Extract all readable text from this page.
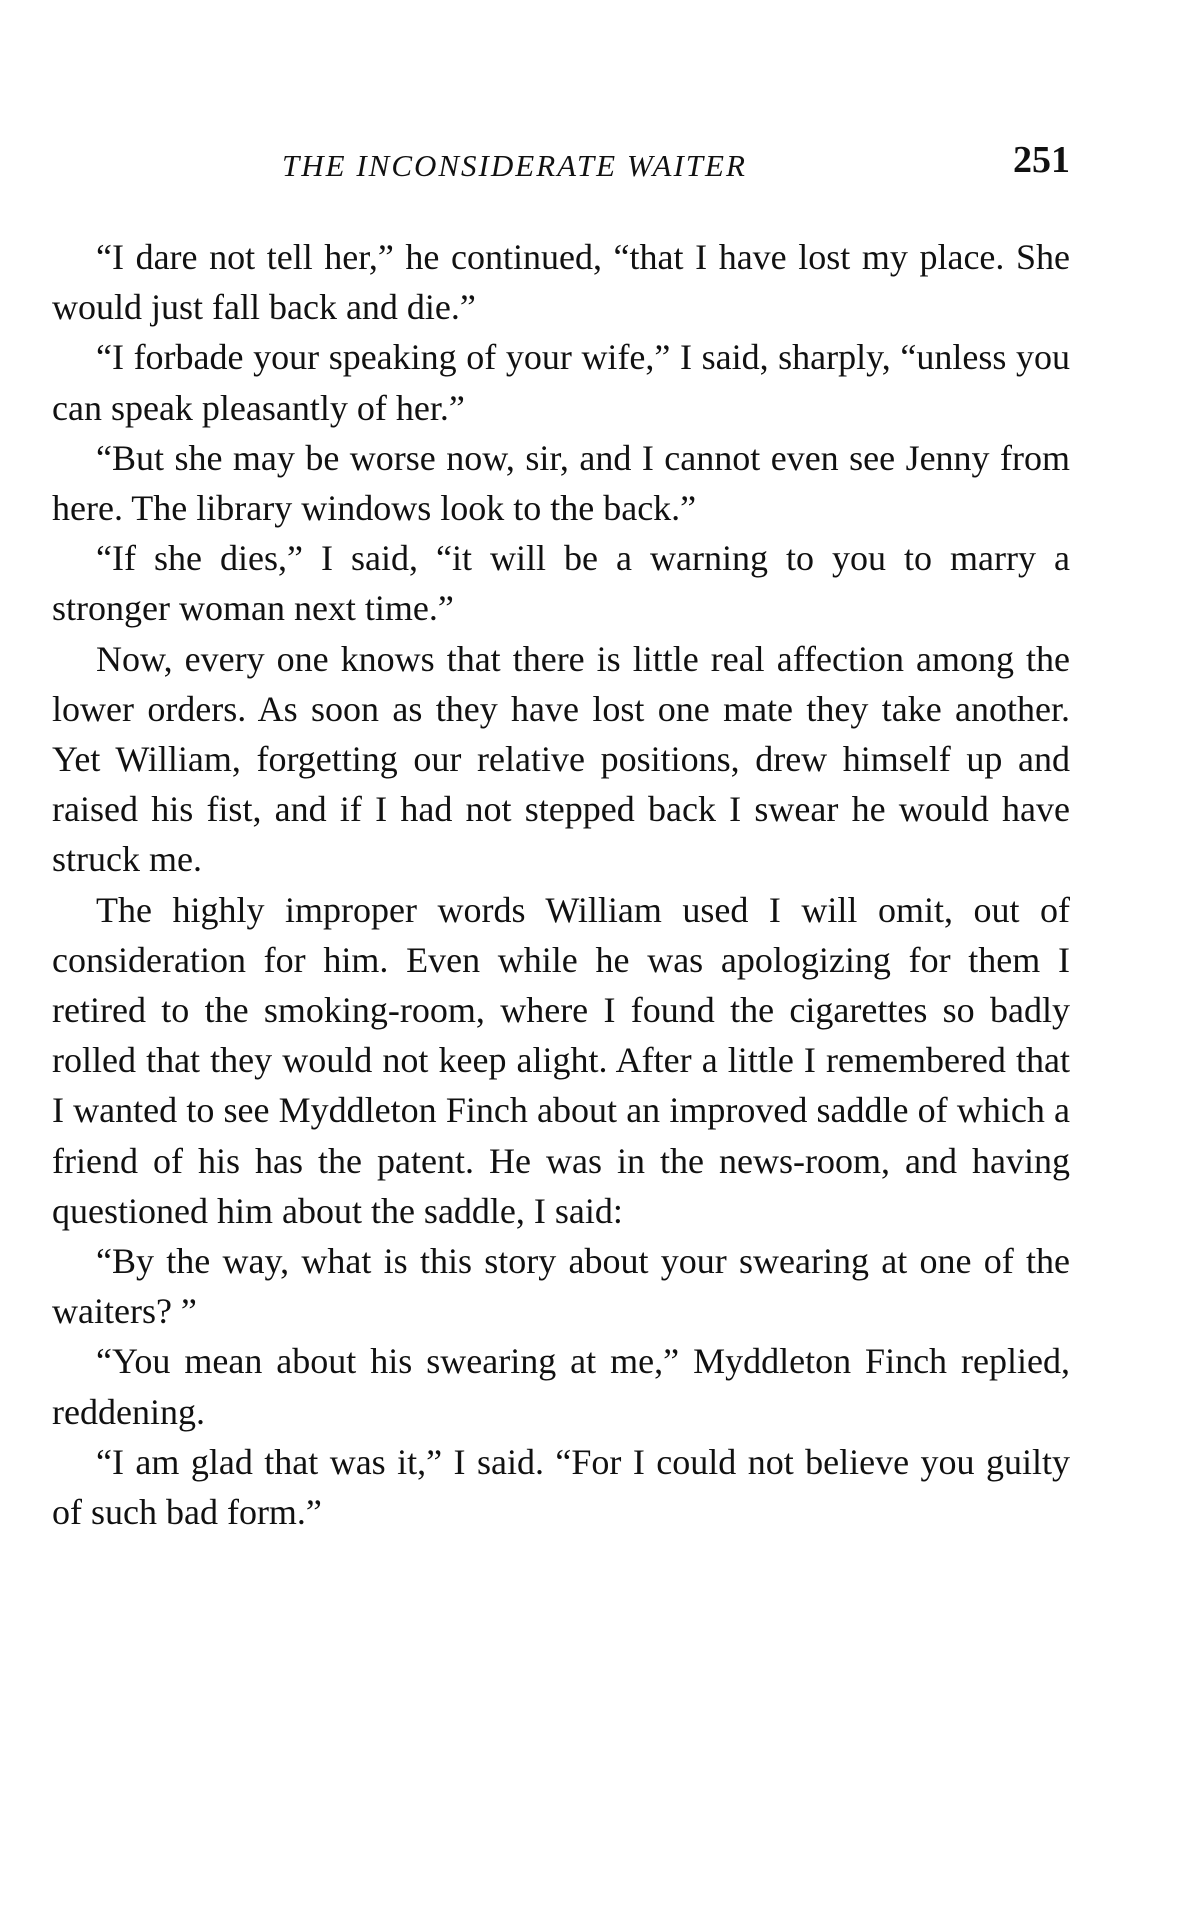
THE INCONSIDERATE WAITER	251

“I dare not tell her,” he continued, “that I have lost my place. She would just fall back and die.”

“I forbade your speaking of your wife,” I said, sharply, “unless you can speak pleasantly of her.”

“But she may be worse now, sir, and I cannot even see Jenny from here. The library windows look to the back.”

“If she dies,” I said, “it will be a warning to you to marry a stronger woman next time.”

Now, every one knows that there is little real affection among the lower orders. As soon as they have lost one mate they take another. Yet William, forgetting our relative positions, drew himself up and raised his fist, and if I had not stepped back I swear he would have struck me.

The highly improper words William used I will omit, out of consideration for him. Even while he was apologizing for them I retired to the smoking-room, where I found the cigarettes so badly rolled that they would not keep alight. After a little I remembered that I wanted to see Myddleton Finch about an improved saddle of which a friend of his has the patent. He was in the news-room, and having questioned him about the saddle, I said:

“By the way, what is this story about your swearing at one of the waiters? ”

“You mean about his swearing at me,” Myddleton Finch replied, reddening.

“I am glad that was it,” I said. “For I could not believe you guilty of such bad form.”
